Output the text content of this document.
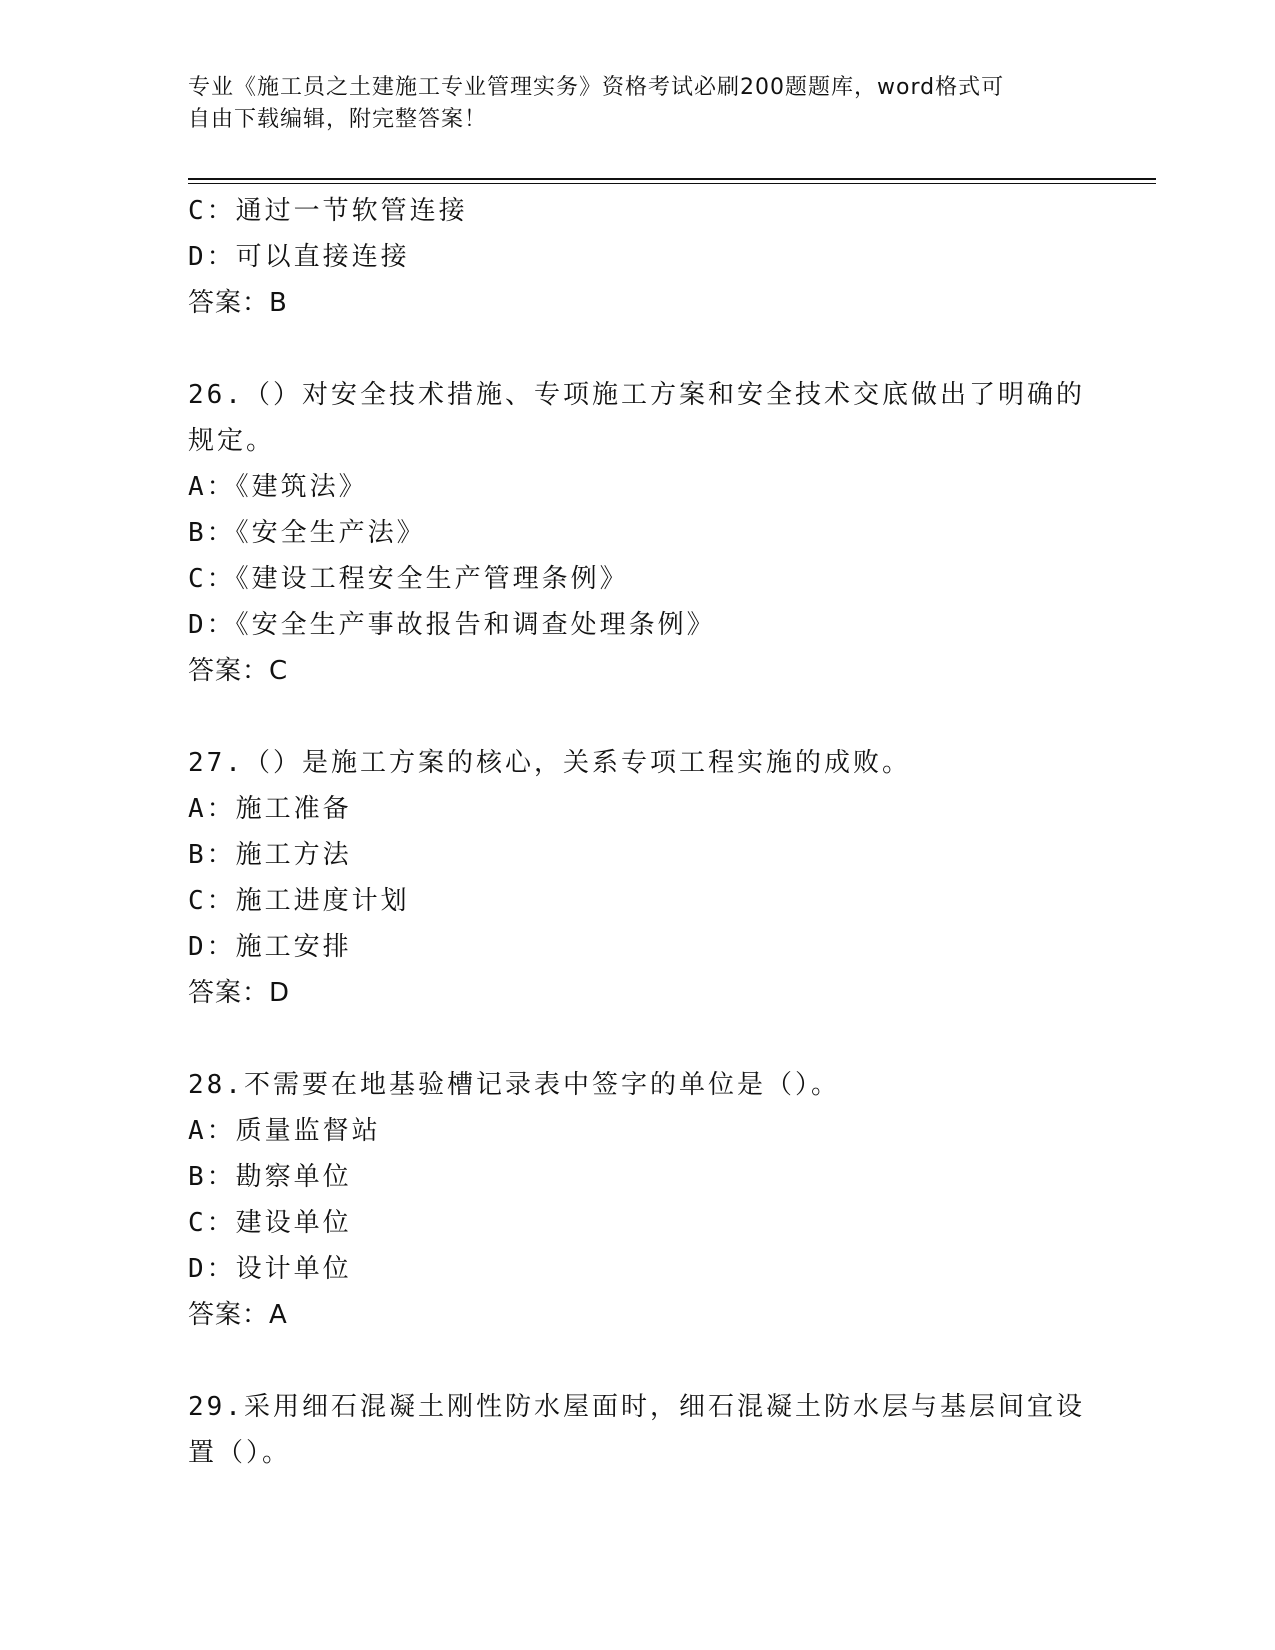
专业《施工员之土建施工专业管理实务》资格考试必刷200题题库，word格式可
自由下载编辑，附完整答案！
C：通过一节软管连接
D：可以直接连接
答案：B
26.（）对安全技术措施、专项施工方案和安全技术交底做出了明确的
规定。
A：《建筑法》
B：《安全生产法》
C：《建设工程安全生产管理条例》
D：《安全生产事故报告和调查处理条例》
答案：C
27.（）是施工方案的核心，关系专项工程实施的成败。
A：施工准备
B：施工方法
C：施工进度计划
D：施工安排
答案：D
28.不需要在地基验槽记录表中签字的单位是（）。
A：质量监督站
B：勘察单位
C：建设单位
D：设计单位
答案：A
29.采用细石混凝土刚性防水屋面时，细石混凝土防水层与基层间宜设
置（）。
